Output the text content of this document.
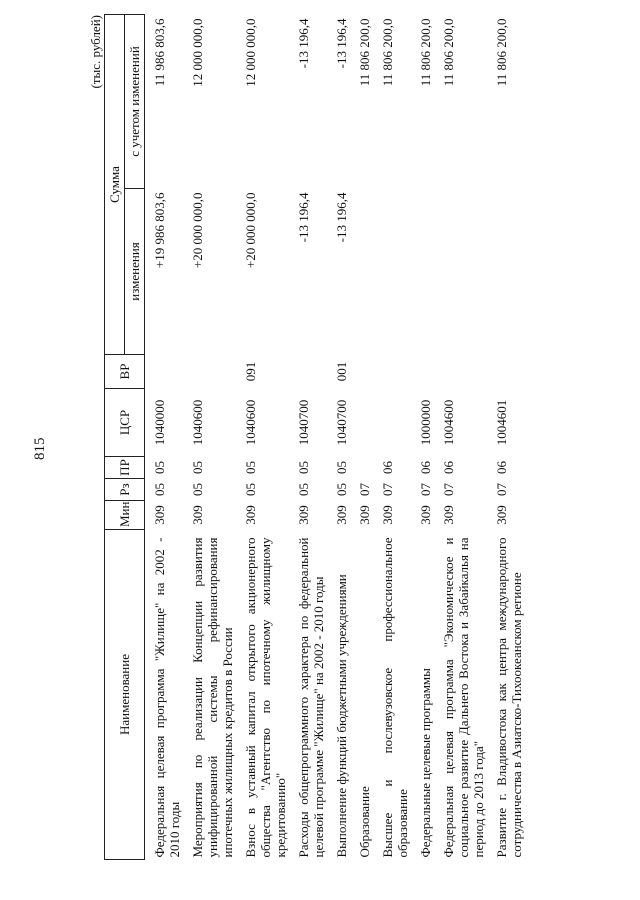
815
(тыс. рублей)
Наименование	Мин	Рз	ПР	ЦСР	ВР	Сумма	
						изменения	с учетом изменений
Федеральная целевая программа "Жилище" на 2002 - 2010 годы	309	05	05	1040000		+19 986 803,6	11 986 803,6
Мероприятия по реализации Концепции развития унифицированной системы рефинансирования ипотечных жилищных кредитов в России	309	05	05	1040600		+20 000 000,0	12 000 000,0
Взнос в уставный капитал открытого акционерного общества "Агентство по ипотечному жилищному кредитованию"	309	05	05	1040600	091	+20 000 000,0	12 000 000,0
Расходы общепрограммного характера по федеральной целевой программе "Жилище" на 2002 - 2010 годы	309	05	05	1040700		-13 196,4	-13 196,4
Выполнение функций бюджетными учреждениями	309	05	05	1040700	001	-13 196,4	-13 196,4
Образование	309	07					11 806 200,0
Высшее и послевузовское профессиональное образование	309	07	06				11 806 200,0
Федеральные целевые программы	309	07	06	1000000			11 806 200,0
Федеральная целевая программа "Экономическое и социальное развитие Дальнего Востока и Забайкалья на период до 2013 года"	309	07	06	1004600			11 806 200,0
Развитие г. Владивостока как центра международного сотрудничества в Азиатско-Тихоокеанском регионе	309	07	06	1004601			11 806 200,0
